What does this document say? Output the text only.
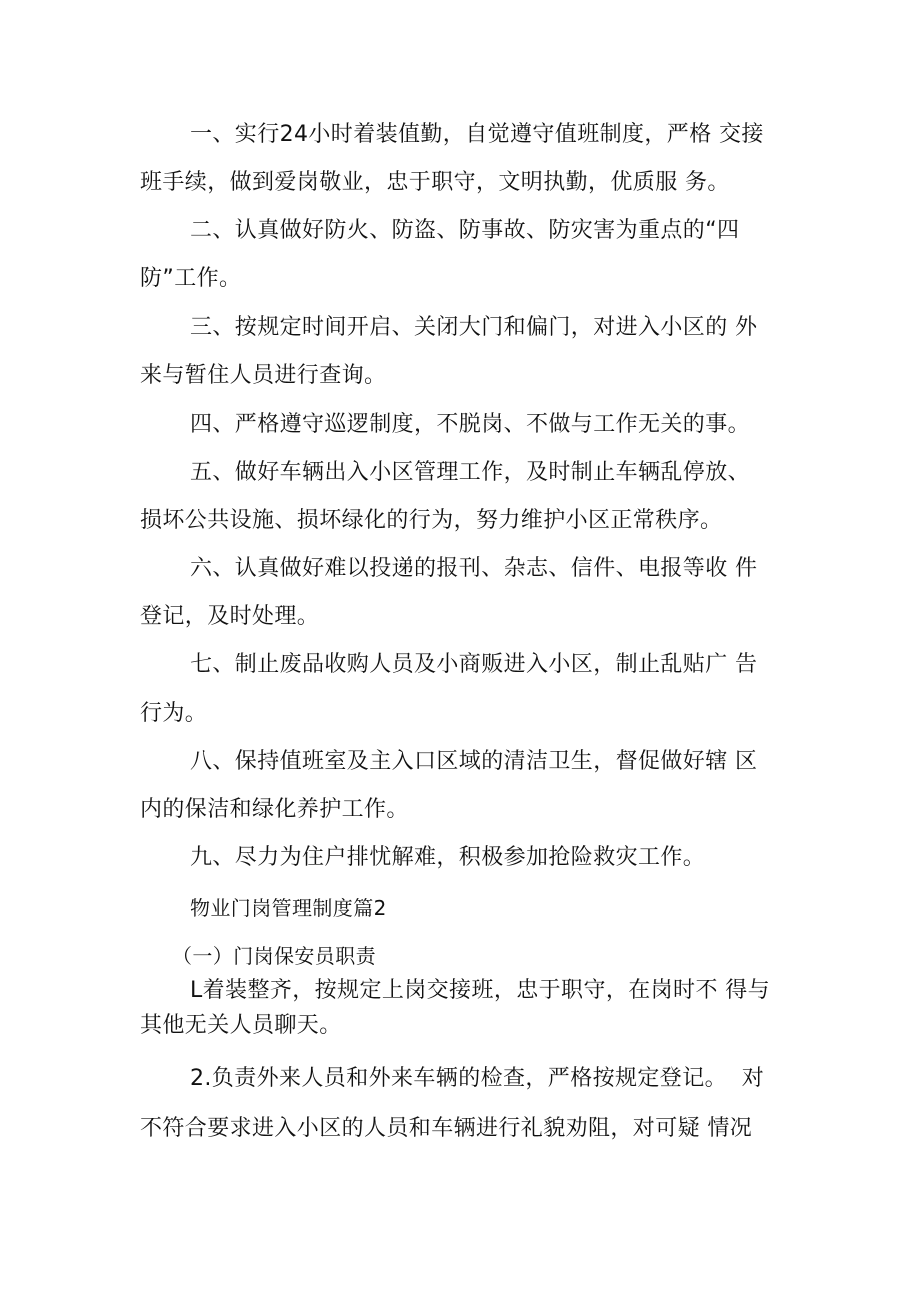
一、实行24小时着装值勤，自觉遵守值班制度，严格 交接
班手续，做到爱岗敬业，忠于职守，文明执勤，优质服 务。
二、认真做好防火、防盗、防事故、防灾害为重点的“四
防”工作。
三、按规定时间开启、关闭大门和偏门，对进入小区的 外
来与暂住人员进行查询。
四、严格遵守巡逻制度，不脱岗、不做与工作无关的事。
五、做好车辆出入小区管理工作，及时制止车辆乱停放、
损坏公共设施、损坏绿化的行为，努力维护小区正常秩序。
六、认真做好难以投递的报刊、杂志、信件、电报等收 件
登记，及时处理。
七、制止废品收购人员及小商贩进入小区，制止乱贴广 告
行为。
八、保持值班室及主入口区域的清洁卫生，督促做好辖 区
内的保洁和绿化养护工作。
九、尽力为住户排忧解难，积极参加抢险救灾工作。
物业门岗管理制度篇2
（一）门岗保安员职责
L着装整齐，按规定上岗交接班，忠于职守，在岗时不 得与
其他无关人员聊天。
2.负责外来人员和外来车辆的检查，严格按规定登记。  对
不符合要求进入小区的人员和车辆进行礼貌劝阻，对可疑 情况
